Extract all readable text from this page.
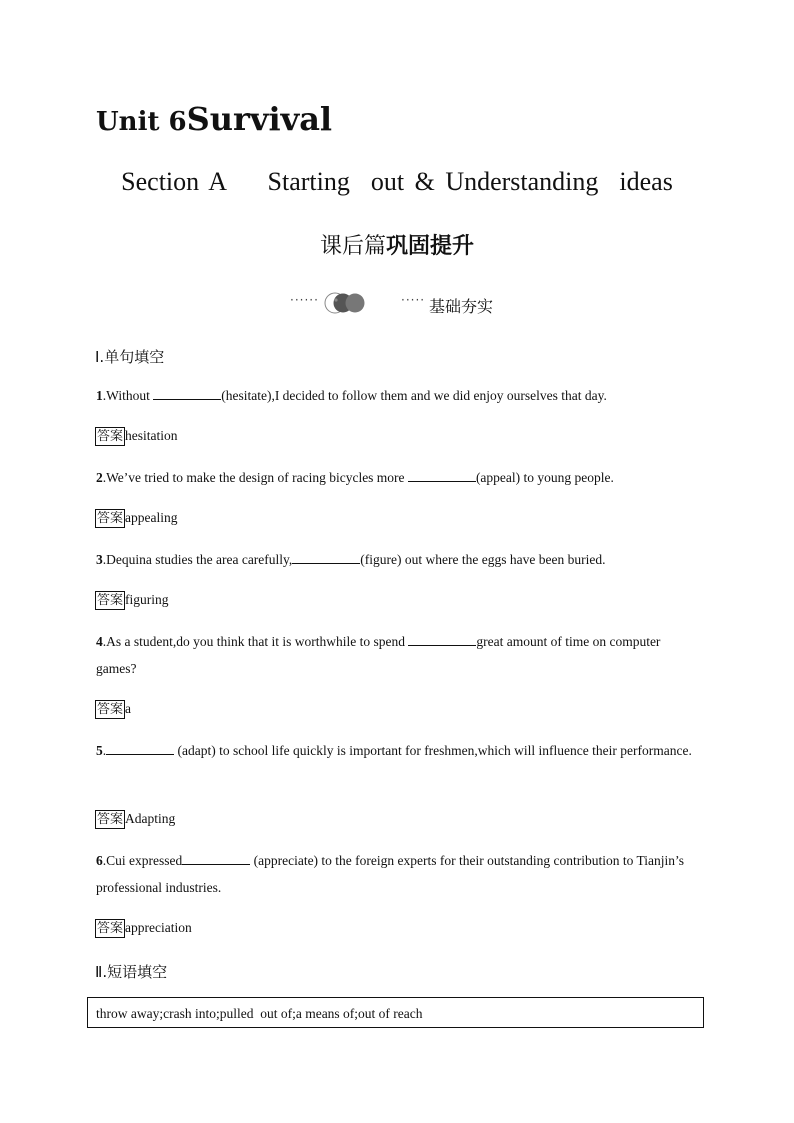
Unit 6Survival
Section A    Starting  out & Understanding  ideas
课后篇巩固提升
······	····· 基础夯实
Ⅰ.单句填空
1.Without	(hesitate),I decided to follow them and we did enjoy ourselves that day.
答案 hesitation
2.We’ve tried to make the design of racing bicycles more	(appeal) to young people.
答案 appealing
3.Dequina studies the area carefully,	(figure) out where the eggs have been buried.
答案 figuring
4.As a student,do you think that it is worthwhile to spend	great amount of time on computer games?
答案 a
5.	(adapt) to school life quickly is important for freshmen,which will influence their performance.
答案 Adapting
6.Cui expressed	(appreciate) to the foreign experts for their outstanding contribution to Tianjin’s professional industries.
答案 appreciation
Ⅱ.短语填空
throw away;crash into;pulled  out of;a means of;out of reach
